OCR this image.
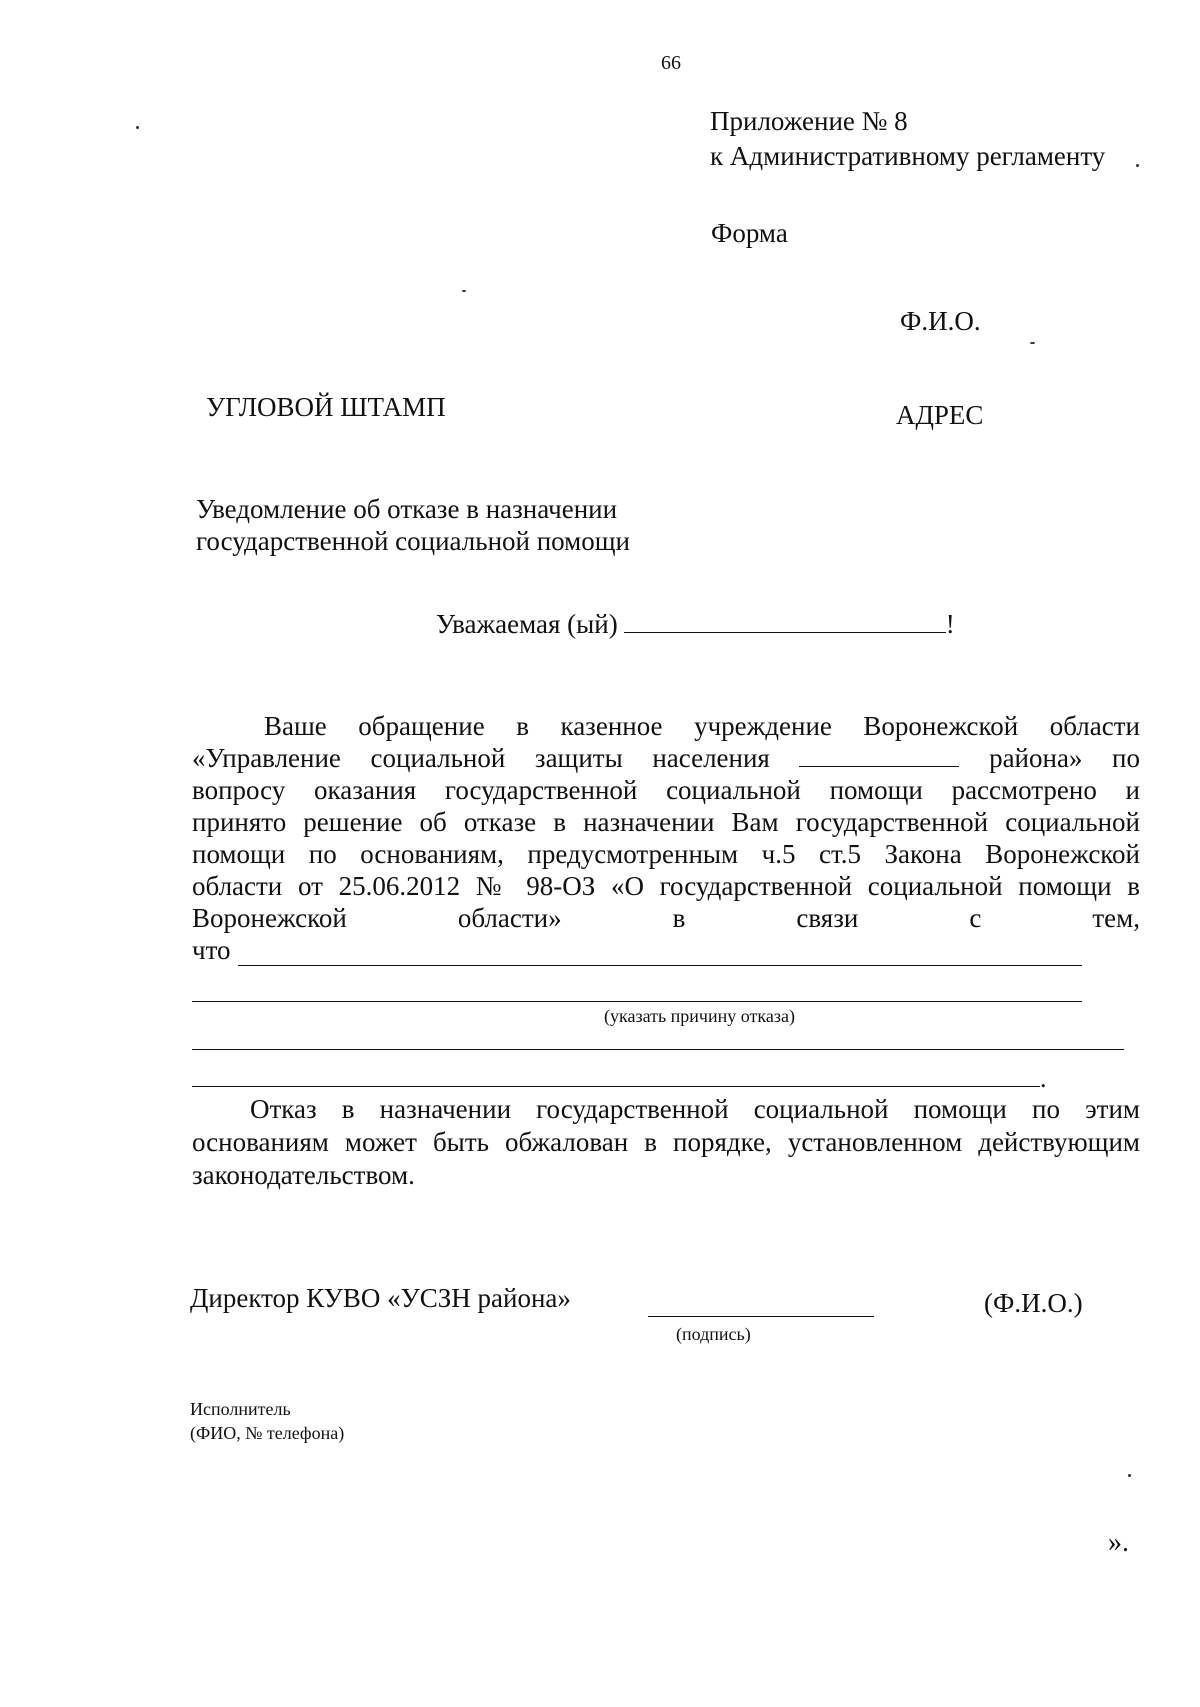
66
Приложение № 8
к Административному регламенту
Форма
Ф.И.О.
УГЛОВОЙ ШТАМП	АДРЕС
Уведомление об отказе в назначении
государственной социальной помощи
Уважаемая (ый)	!
Ваше обращение в казенное учреждение Воронежской области
«Управление социальной защиты населения	района» по
вопросу оказания государственной социальной помощи рассмотрено и
принято решение об отказе в назначении Вам государственной социальной
помощи по основаниям, предусмотренным ч.5 ст.5 Закона Воронежской
области от 25.06.2012 № 98-ОЗ «О государственной социальной помощи в
Воронежской области» в связи с тем,
что
(указать причину отказа)
.
Отказ в назначении государственной социальной помощи по этим
основаниям может быть обжалован в порядке, установленном действующим
законодательством.
Директор КУВО «УСЗН района»
(подпись)
(Ф.И.О.)
Исполнитель
(ФИО, № телефона)
».
